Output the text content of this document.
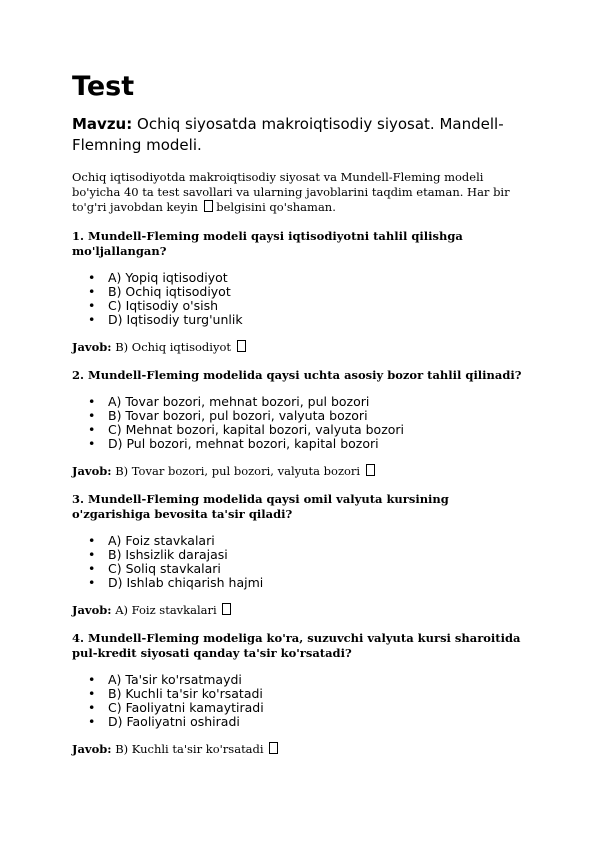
Test

Mavzu: Ochiq siyosatda makroiqtisodiy siyosat. Mandell-Flemning modeli.

Ochiq iqtisodiyotda makroiqtisodiy siyosat va Mundell-Fleming modeli bo'yicha 40 ta test savollari va ularning javoblarini taqdim etaman. Har bir to'g'ri javobdan keyin belgisini qo'shaman.

1. Mundell-Fleming modeli qaysi iqtisodiyotni tahlil qilishga mo'ljallangan?

• A) Yopiq iqtisodiyot
• B) Ochiq iqtisodiyot
• C) Iqtisodiy o'sish
• D) Iqtisodiy turg'unlik

Javob: B) Ochiq iqtisodiyot

2. Mundell-Fleming modelida qaysi uchta asosiy bozor tahlil qilinadi?

• A) Tovar bozori, mehnat bozori, pul bozori
• B) Tovar bozori, pul bozori, valyuta bozori
• C) Mehnat bozori, kapital bozori, valyuta bozori
• D) Pul bozori, mehnat bozori, kapital bozori

Javob: B) Tovar bozori, pul bozori, valyuta bozori

3. Mundell-Fleming modelida qaysi omil valyuta kursining o'zgarishiga bevosita ta'sir qiladi?

• A) Foiz stavkalari
• B) Ishsizlik darajasi
• C) Soliq stavkalari
• D) Ishlab chiqarish hajmi

Javob: A) Foiz stavkalari

4. Mundell-Fleming modeliga ko'ra, suzuvchi valyuta kursi sharoitida pul-kredit siyosati qanday ta'sir ko'rsatadi?

• A) Ta'sir ko'rsatmaydi
• B) Kuchli ta'sir ko'rsatadi
• C) Faoliyatni kamaytiradi
• D) Faoliyatni oshiradi

Javob: B) Kuchli ta'sir ko'rsatadi
